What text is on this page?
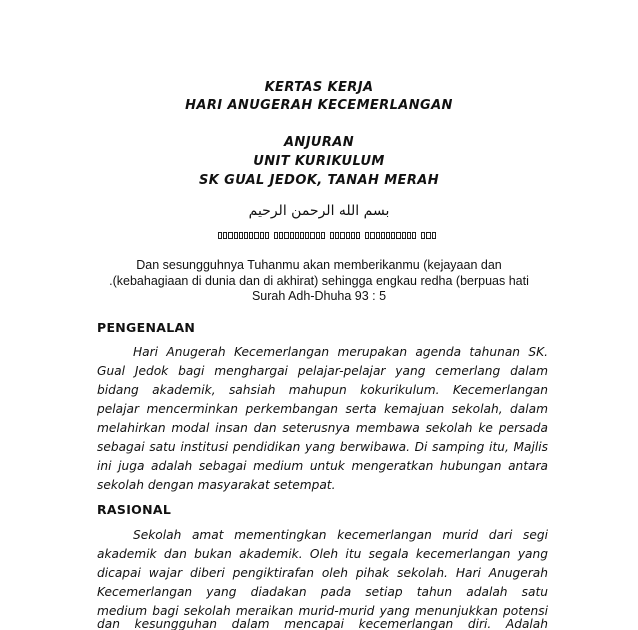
KERTAS KERJA
HARI ANUGERAH KECEMERLANGAN
ANJURAN
UNIT KURIKULUM
SK GUAL JEDOK, TANAH MERAH
بسم الله الرحمن الرحيم
Dan sesungguhnya Tuhanmu akan memberikanmu (kejayaan dan
.(kebahagiaan di dunia dan di akhirat) sehingga engkau redha (berpuas hati
Surah Adh-Dhuha 93 : 5
PENGENALAN
Hari Anugerah Kecemerlangan merupakan agenda tahunan SK.
Gual Jedok bagi menghargai pelajar-pelajar yang cemerlang dalam
bidang akademik, sahsiah mahupun kokurikulum. Kecemerlangan
pelajar mencerminkan perkembangan serta kemajuan sekolah, dalam
melahirkan modal insan dan seterusnya membawa sekolah ke persada
sebagai satu institusi pendidikan yang berwibawa. Di samping itu, Majlis
ini juga adalah sebagai medium untuk mengeratkan hubungan antara
sekolah dengan masyarakat setempat.
RASIONAL
Sekolah amat mementingkan kecemerlangan murid dari segi
akademik dan bukan akademik. Oleh itu segala kecemerlangan yang
dicapai wajar diberi pengiktirafan oleh pihak sekolah. Hari Anugerah
Kecemerlangan yang diadakan pada setiap tahun adalah satu
medium bagi sekolah meraikan murid-murid yang menunjukkan potensi
dan kesungguhan dalam mencapai kecemerlangan diri. Adalah
